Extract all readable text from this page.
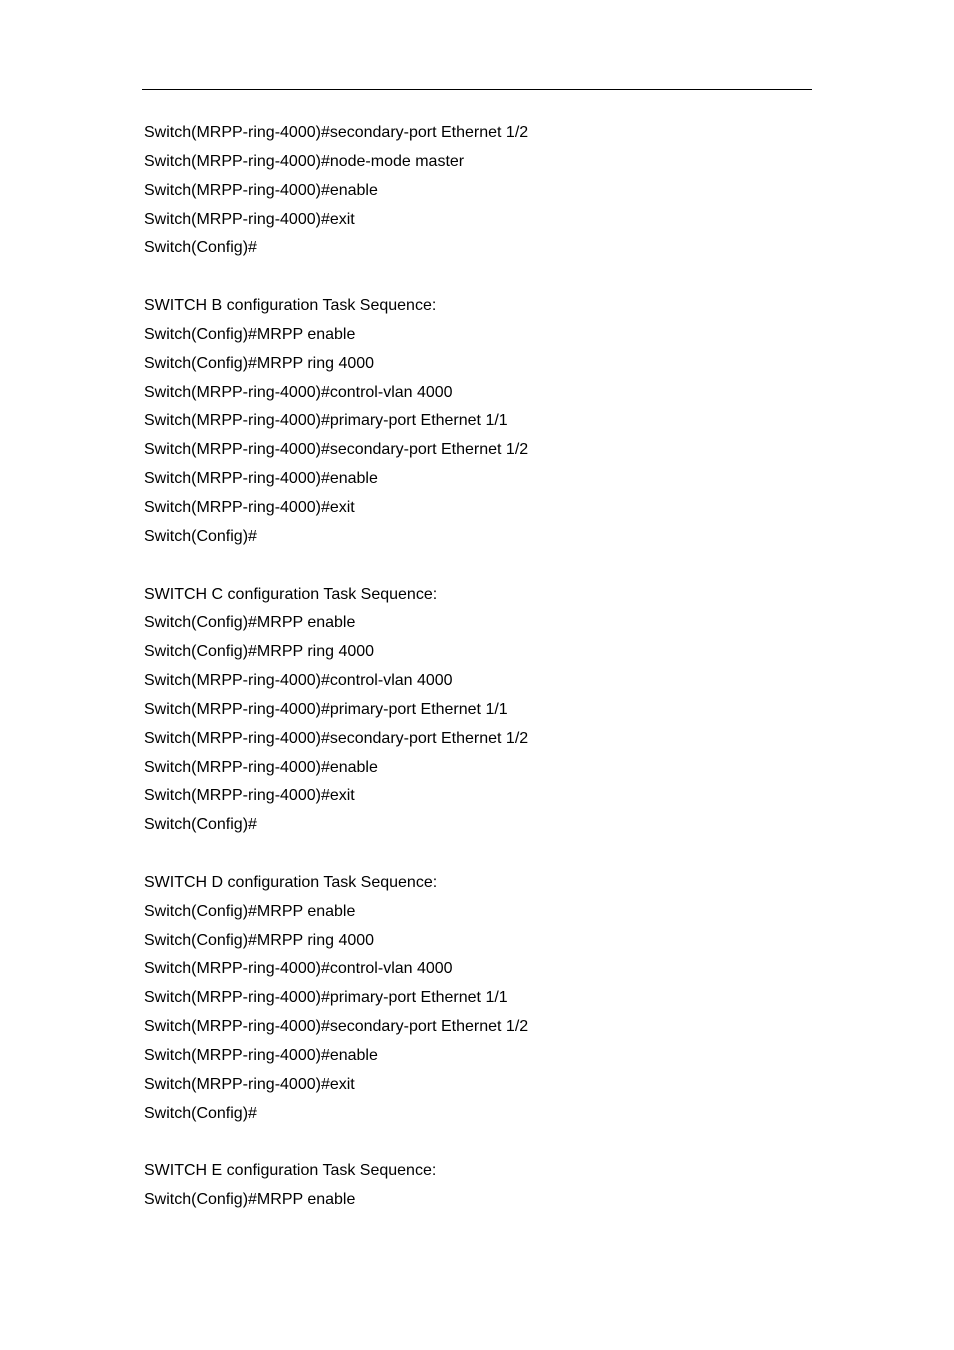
Switch(MRPP-ring-4000)#secondary-port Ethernet 1/2
Switch(MRPP-ring-4000)#node-mode master
Switch(MRPP-ring-4000)#enable
Switch(MRPP-ring-4000)#exit
Switch(Config)#
SWITCH B configuration Task Sequence:
Switch(Config)#MRPP enable
Switch(Config)#MRPP ring 4000
Switch(MRPP-ring-4000)#control-vlan 4000
Switch(MRPP-ring-4000)#primary-port Ethernet 1/1
Switch(MRPP-ring-4000)#secondary-port Ethernet 1/2
Switch(MRPP-ring-4000)#enable
Switch(MRPP-ring-4000)#exit
Switch(Config)#
SWITCH C configuration Task Sequence:
Switch(Config)#MRPP enable
Switch(Config)#MRPP ring 4000
Switch(MRPP-ring-4000)#control-vlan 4000
Switch(MRPP-ring-4000)#primary-port Ethernet 1/1
Switch(MRPP-ring-4000)#secondary-port Ethernet 1/2
Switch(MRPP-ring-4000)#enable
Switch(MRPP-ring-4000)#exit
Switch(Config)#
SWITCH D configuration Task Sequence:
Switch(Config)#MRPP enable
Switch(Config)#MRPP ring 4000
Switch(MRPP-ring-4000)#control-vlan 4000
Switch(MRPP-ring-4000)#primary-port Ethernet 1/1
Switch(MRPP-ring-4000)#secondary-port Ethernet 1/2
Switch(MRPP-ring-4000)#enable
Switch(MRPP-ring-4000)#exit
Switch(Config)#
SWITCH E configuration Task Sequence:
Switch(Config)#MRPP enable
